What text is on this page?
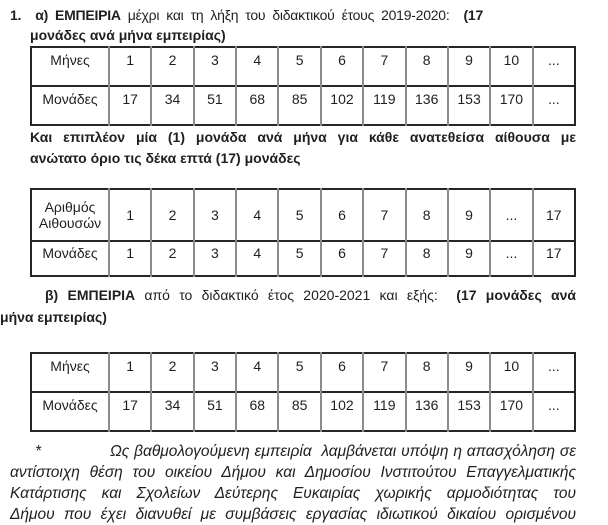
1.  α) ΕΜΠΕΙΡΙΑ μέχρι και τη λήξη του διδακτικού έτους 2019-2020:  (17
μονάδες ανά μήνα εμπειρίας)
Μήνες	1	2	3	4	5	6	7	8	9	10	...
Μονάδες	17	34	51	68	85	102	119	136	153	170	...
Και επιπλέον μία (1) μονάδα ανά μήνα για κάθε ανατεθείσα αίθουσα με
ανώτατο όριο τις δέκα επτά (17) μονάδες
Αριθμός Αιθουσών	1	2	3	4	5	6	7	8	9	...	17
Μονάδες	1	2	3	4	5	6	7	8	9	...	17
β) ΕΜΠΕΙΡΙΑ από το διδακτικό έτος 2020-2021 και εξής:  (17 μονάδες ανά
μήνα εμπειρίας)
Μήνες	1	2	3	4	5	6	7	8	9	10	...
Μονάδες	17	34	51	68	85	102	119	136	153	170	...
*	Ως βαθμολογούμενη εμπειρία  λαμβάνεται υπόψη η απασχόληση σε
αντίστοιχη θέση του οικείου Δήμου και Δημοσίου Ινστιτούτου Επαγγελματικής
Κατάρτισης και Σχολείων Δεύτερης Ευκαιρίας χωρικής αρμοδιότητας του
Δήμου που έχει διανυθεί με συμβάσεις εργασίας ιδιωτικού δικαίου ορισμένου
